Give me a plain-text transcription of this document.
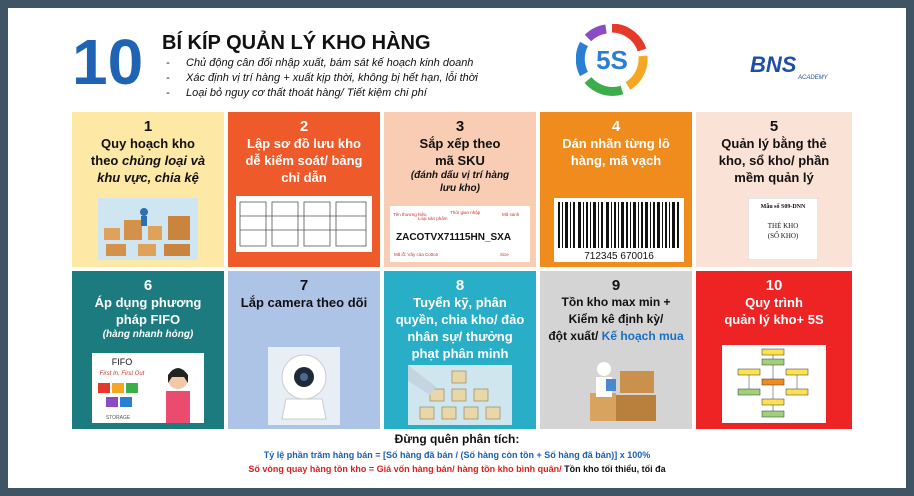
10 BÍ KÍP QUẢN LÝ KHO HÀNG
- Chủ động cân đối nhập xuất, bám sát kế hoạch kinh doanh
- Xác định vị trí hàng + xuất kịp thời, không bị hết hạn, lỗi thời
- Loại bỏ nguy cơ thất thoát hàng/ Tiết kiệm chi phí
5S	BNS
ACADEMY
1
Quy hoạch kho
theo chủng loại và
khu vực, chia kệ
2
Lập sơ đồ lưu kho
dễ kiểm soát/ bảng
chỉ dẫn
3
Sắp xếp theo
mã SKU
(đánh dấu vị trí hàng
lưu kho)
Tên thương hiệu
Loại sản phẩm
Thời gian nhập	Mã sanh
ZACOTVX71115HN_SXA
Mã lỗ: Vây của Cotton	Size
4
Dán nhãn từng lô
hàng, mã vạch
712345 670016
5
Quản lý bằng thẻ
kho, sổ kho/ phần
mềm quản lý
Mẫu số S09-DNN
THẺ KHO
(SỔ KHO)
6
Áp dụng phương
pháp FIFO
(hàng nhanh hỏng)
FIFO
First In, First Out
STORAGE
7
Lắp camera theo dõi
8
Tuyển kỹ, phân
quyền, chia kho/ đảo
nhân sự/ thưởng
phạt phân minh
9
Tồn kho max min +
Kiểm kê định kỳ/
đột xuất/ Kế hoạch mua
10
Quy trình
quản lý kho+ 5S
Đừng quên phân tích:
Tỷ lệ phần trăm hàng bán = [Số hàng đã bán / (Số hàng còn tồn + Số hàng đã bán)] x 100%
Số vòng quay hàng tồn kho = Giá vốn hàng bán/ hàng tồn kho bình quân/ Tồn kho tối thiểu, tối đa
